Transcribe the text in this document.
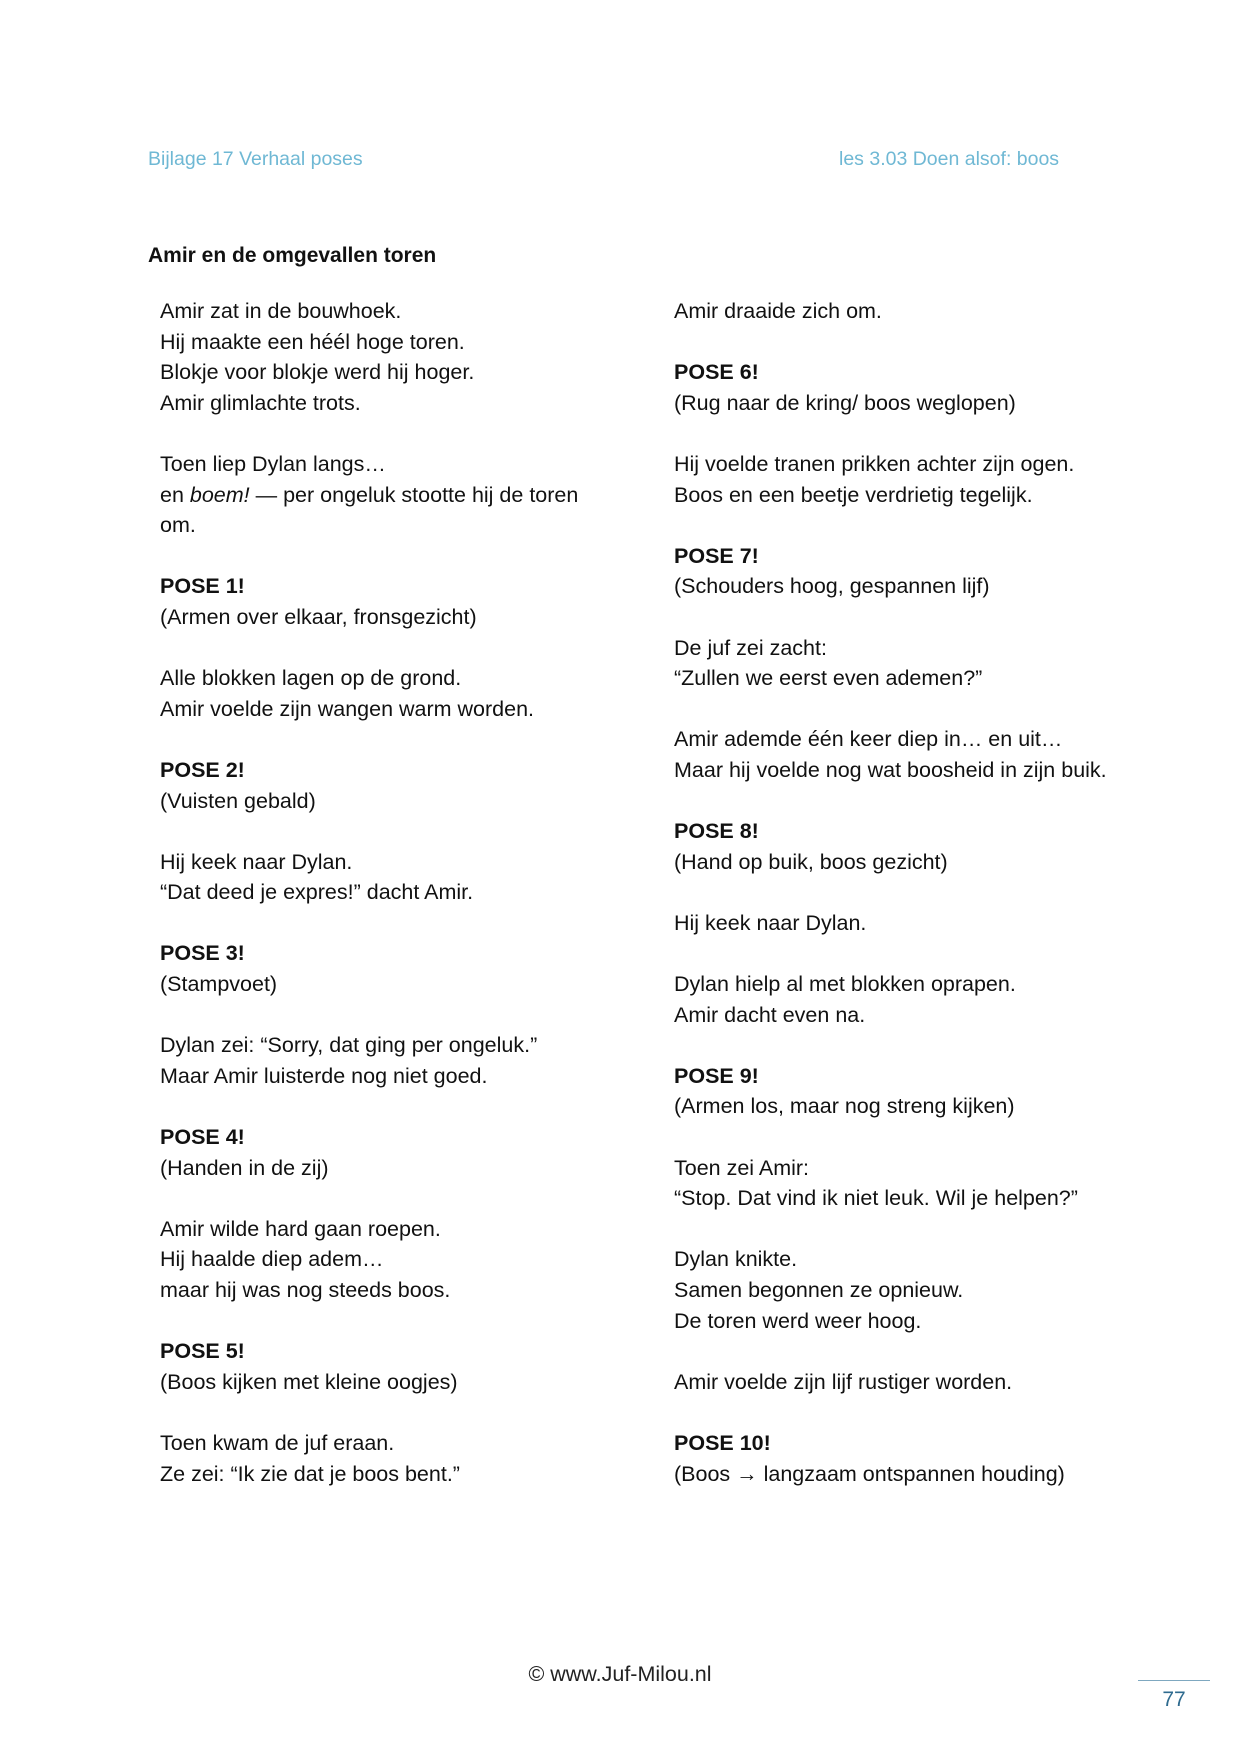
Bijlage 17 Verhaal poses	les 3.03 Doen alsof: boos
Amir en de omgevallen toren
Amir zat in de bouwhoek.
Hij maakte een héél hoge toren.
Blokje voor blokje werd hij hoger.
Amir glimlachte trots.
Toen liep Dylan langs…
en boem! — per ongeluk stootte hij de toren
om.
POSE 1!
(Armen over elkaar, fronsgezicht)
Alle blokken lagen op de grond.
Amir voelde zijn wangen warm worden.
POSE 2!
(Vuisten gebald)
Hij keek naar Dylan.
“Dat deed je expres!” dacht Amir.
POSE 3!
(Stampvoet)
Dylan zei: “Sorry, dat ging per ongeluk.”
Maar Amir luisterde nog niet goed.
POSE 4!
(Handen in de zij)
Amir wilde hard gaan roepen.
Hij haalde diep adem…
maar hij was nog steeds boos.
POSE 5!
(Boos kijken met kleine oogjes)
Toen kwam de juf eraan.
Ze zei: “Ik zie dat je boos bent.”
Amir draaide zich om.
POSE 6!
(Rug naar de kring/ boos weglopen)
Hij voelde tranen prikken achter zijn ogen.
Boos en een beetje verdrietig tegelijk.
POSE 7!
(Schouders hoog, gespannen lijf)
De juf zei zacht:
“Zullen we eerst even ademen?”
Amir ademde één keer diep in… en uit…
Maar hij voelde nog wat boosheid in zijn buik.
POSE 8!
(Hand op buik, boos gezicht)
Hij keek naar Dylan.
Dylan hielp al met blokken oprapen.
Amir dacht even na.
POSE 9!
(Armen los, maar nog streng kijken)
Toen zei Amir:
“Stop. Dat vind ik niet leuk. Wil je helpen?”
Dylan knikte.
Samen begonnen ze opnieuw.
De toren werd weer hoog.
Amir voelde zijn lijf rustiger worden.
POSE 10!
(Boos → langzaam ontspannen houding)
© www.Juf-Milou.nl
77
